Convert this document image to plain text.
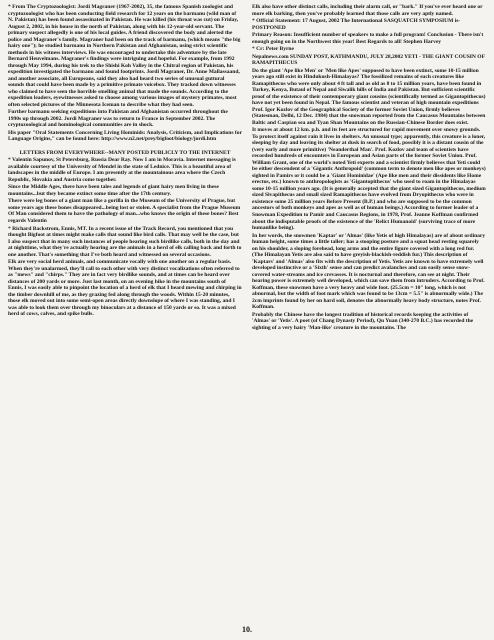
* From The Cryptozoologist: Jordi Magraner (1967-2002), 35, the famous Spanish zoologist and cryptozoologist who has been conducting field research for 12 years on the barmanu (wild man of N. Pakistan) has been found assassinated in Pakistan. He was killed (his throat was cut) on Friday, August 2, 2002, in his house in the north of Pakistan, along with his 12-year-old servant. The primary suspect allegedly is one of his local guides. A friend discovered the body and alerted the police and Magraner's family. Magraner had been on the track of barmanu, (which means "the big hairy one"); he studied barmanu in Northern Pakistan and Afghanistan, using strict scientific methods in his witness interviews. He was encouraged to undertake this adventure by the late Bernard Heuvelmans. Magraner's findings were intriguing and hopeful. For example, from 1992 through May 1994, during his trek to the Shishi Koh Valley in the Chitral region of Pakistan, his expedition investigated the barmanu and found footprints. Jordi Magraner, Dr. Anne Mallassaand, and another associate, all Europeans, said they also had heard two series of unusual guttural sounds that could have been made by a primitive primate voicebox. They tracked down witnesses who claimed to have seen the horrible smelling animal that made the sounds. According to the expedition leaders, eyewitnesses asked to choose among various images of mystery primates, most often selected pictures of the Minnesota Iceman to describe what they had seen.

Further barmanu seeking expeditions into Pakistan and Afghanistan occurred throughout the 1990s up through 2002. Jordi Magraner was to return to France in September 2002. The cryptozoological and hominological communities are in shock.

His paper "Oral Statements Concerning Living Hominids: Analysis, Criticism, and Implications for Language Origins," can be found here: http://www.n2.net/prey/bigfoot/biology/jordi.htm

LETTERS FROM EVERYWHERE--MANY POSTED PUBLICLY TO THE INTERNET

* Valentin Sapunov, St Petersburg, Russia Dear Ray. Now I am in Moravia. Internet messaging is available courtesy of the University of Mendel in the state of Lednice. This is a beautiful area of landscapes in the middle of Europe. I am presently at the mountainous area where the Czech Republic, Slovakia and Austria come together.

Since the Middle Ages, there have been tales and legends of giant hairy men living in these mountains...but they became extinct some time after the 17th century.

There were leg bones of a giant man like a gorilla in the Museum of the University of Prague, but some years ago these bones disappeared...being lost or stolen. A specialist from the Prague Museum Of Man considered them to have the pathology of man...who knows the origin of these bones? Best regards Valentin

* Richard Backstrom, Ennis, MT. In a recent issue of the Track Record, you mentioned that you thought Bigfoot at times might make calls that sound like bird calls. That may well be the case, but I also suspect that in many such instances of people hearing such birdlike calls, both in the day and at nighttime, what they're actually hearing are the animals in a herd of elk calling back and forth to one another. That's something that I've both heard and witnessed on several occasions.

Elk are very social herd animals, and communicate vocally with one another on a regular basis. When they're unalarmed, they'll call to each other with very distinct vocalizations often referred to as "mews" and "chirps." They are in fact very birdlike sounds, and at times can be heard over distances of 200 yards or more. Just last month, on an evening hike in the mountains south of Ennis, I was easily able to pinpoint the location of a herd of elk that I heard mewing and chirping in the timber downhill of me, as they grazing fed along through the woods. Within 15-20 minutes, those elk moved out into some semi-open areas directly downslope of where I was standing, and I was able to look them over through my binoculars at a distance of 150 yards or so. It was a mixed herd of cows, calves, and spike bulls.

Elk also have other distinct calls, including their alarm call, or "bark." If you've ever heard one or more elk barking, then you've probably learned that those calls are very aptly named.

* Official Statement: 17 August, 2002 The International SASQUATCH SYMPOSIUM is- POSTPONED

Primary Reason: Insufficient number of speakers to make a full program! Conclusion - There isn't enough going on in the Northwest this year! Best Regards to all! Stephen Harvey

* Cr: Peter Byrne

Nepalnews.com SUNDAY POST, KATHMANDU, JULY 28,2002 YETI - THE GIANT COUSIN OF RAMAPITHECUS

Do the giant 'Ape like Men' or 'Men like Apes' supposed to have been extinct, some 10-15 million years ago still exist in Hindukush-Himalayas? The fossilized remains of such creatures like Ramapithecus who were only about 4 ft tall and as old as 8 to 15 million years, have been found in Turkey, Kenya, Butaul of Nepal and Siwalik hills of India and Pakistan. But sufficient scientific proof of the existence of their contemporary giant cousins (scientifically termed as Gigantopithecus) have not yet been found in Nepal. The famous scientist and veteran of high mountain expeditions Prof. Igor Kozlov of the Geographical Society of the former Soviet Union, firmly believes (Statesman, Delhi, 12 Dec. 1984) that the snowman reported from the Caucasus Mountains between Baltic and Caspian sea and Tyan Shan Mountains on the Russian-Chinese Border does exist.

It moves at about 12 km. p.h. and its feet are structured for rapid movement over snowy grounds. To protect itself against rain it lives in shelters. An unusual type; apparently, this creature is a loner, sleeping by day and leaving its shelter at dusk in search of food, possibly it is a distant cousin of the (very early and more primitive) 'Neanderthal Man'. Prof. Kozlov and team of scientists have recorded hundreds of encounters in European and Asian parts of the former Soviet Union. Prof. William Grant, one of the world's noted Yeti experts and a scientist firmly believes that Yeti could be either descendent of a 'Gigantic Anthropoid' (common term to denote men like apes or monkeys) sighted in Pamirs or it could be a 'Giant Hominidae' (Ape like men and their dissidents like Home erectus, etc.) known to anthropologists as 'Gigantopithecus' who used to roam in the Himalayas some 10-15 million years ago. (It is generally accepted that the giant sized Gigantopithecus, medium sized Sivapithecus and small sized Ramapithecus have evolved from Dryopithecus who were in existence some 25 million years Before Present (B.P.) and who are supposed to be the common ancestors of both monkeys and apes as well as of human beings.) According to former leader of a Snowman Expedition to Pamir and Caucasus Regions, in 1978, Prof. Jeanne Koffman confirmed about the indisputable proofs of the existence of the 'Relict Humanoid' (surviving trace of more humanlike being).

In her words, the snowmen 'Kaptar' or 'Almas' (like Yetis of high Himalayas) are of about ordinary human height, some times a little taller; has a stooping posture and a squat head resting squarely on his shoulder, a sloping forehead, long arms and the entire figure covered with a long red fur. (The Himalayan Yetis are also said to have greyish-blackish-reddish fur.) This description of 'Kaptars' and 'Almas' also fits with the description of Yetis. Yetis are known to have extremely well developed instinctive or a 'Sixth' sense and can predict avalanches and can easily sense snow-covered water-streams and ice crevasses. It is nocturnal and therefore, can see at night. Their hearing power is extremely well developed, which can save them from intruders. According to Prof. Koffman, these snowmen have a very heavy and wide foot. (25.5cm = 10" long, which is not abnormal, but the width of foot mark which was found to be 13cm = 5.5" is abnormally wide.) The 2cm imprints found by her on hard soil, denotes the abnormally heavy body structure, notes Prof. Koffman.

Probably the Chinese have the longest tradition of historical records keeping the activities of 'Almas' or 'Yetis'. A poet (of Chang Dynasty Period), Qu Yuan (340-270 B.C.) has recorded the sighting of a very hairy 'Man-like' creature in the mountains. The

10.
